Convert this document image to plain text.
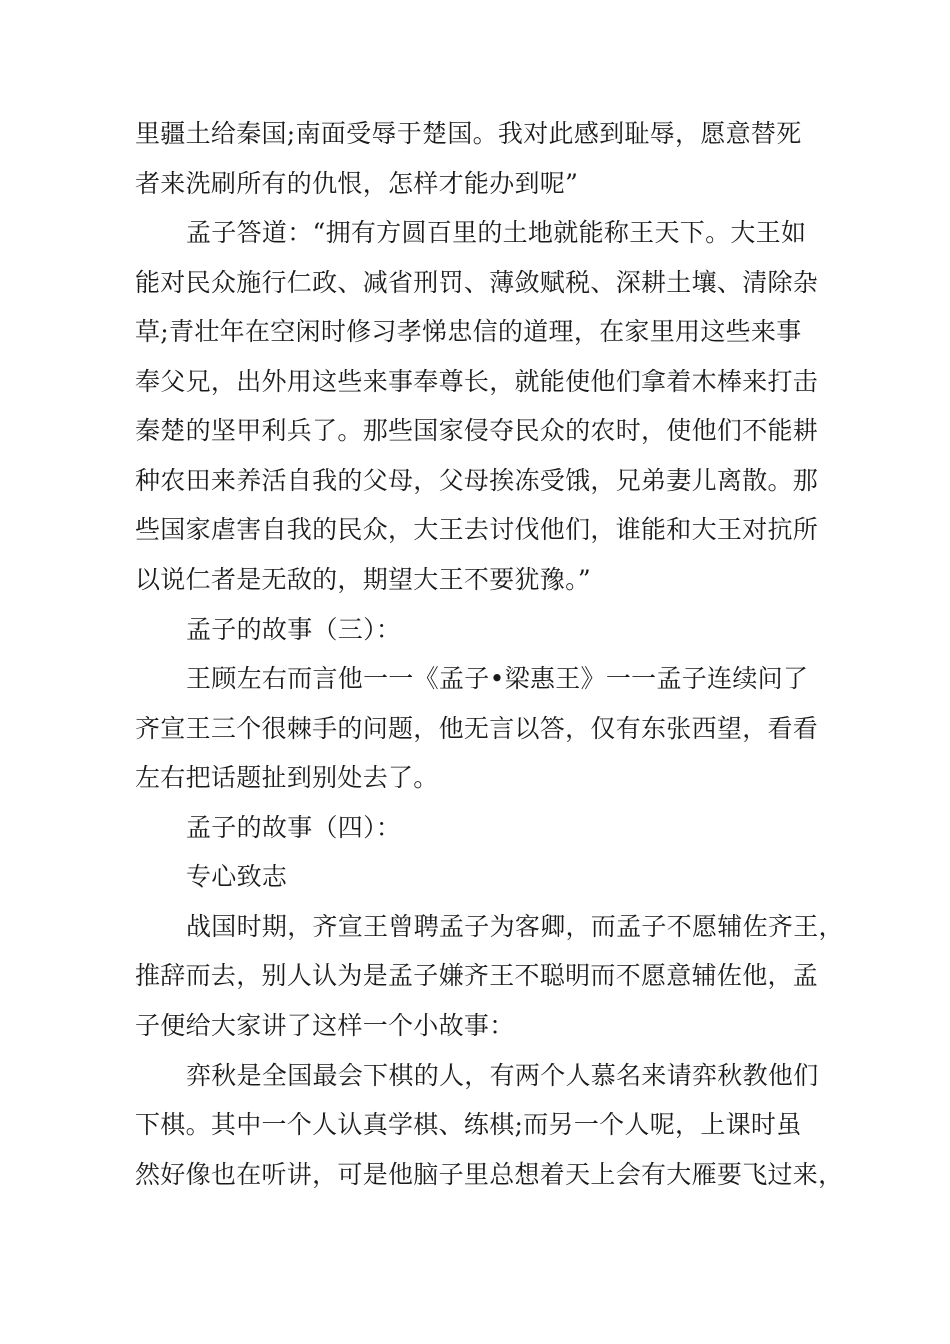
里疆土给秦国;南面受辱于楚国。我对此感到耻辱，愿意替死

者来洗刷所有的仇恨，怎样才能办到呢”

孟子答道：“拥有方圆百里的土地就能称王天下。大王如

能对民众施行仁政、减省刑罚、薄敛赋税、深耕土壤、清除杂

草;青壮年在空闲时修习孝悌忠信的道理，在家里用这些来事

奉父兄，出外用这些来事奉尊长，就能使他们拿着木棒来打击

秦楚的坚甲利兵了。那些国家侵夺民众的农时，使他们不能耕

种农田来养活自我的父母，父母挨冻受饿，兄弟妻儿离散。那

些国家虐害自我的民众，大王去讨伐他们，谁能和大王对抗所

以说仁者是无敌的，期望大王不要犹豫。”

孟子的故事（三）：

王顾左右而言他一一《孟子•梁惠王》一一孟子连续问了

齐宣王三个很棘手的问题，他无言以答，仅有东张西望，看看

左右把话题扯到别处去了。

孟子的故事（四）：

专心致志

战国时期，齐宣王曾聘孟子为客卿，而孟子不愿辅佐齐王，

推辞而去，别人认为是孟子嫌齐王不聪明而不愿意辅佐他，孟

子便给大家讲了这样一个小故事：

弈秋是全国最会下棋的人，有两个人慕名来请弈秋教他们

下棋。其中一个人认真学棋、练棋;而另一个人呢，上课时虽

然好像也在听讲，可是他脑子里总想着天上会有大雁要飞过来，
